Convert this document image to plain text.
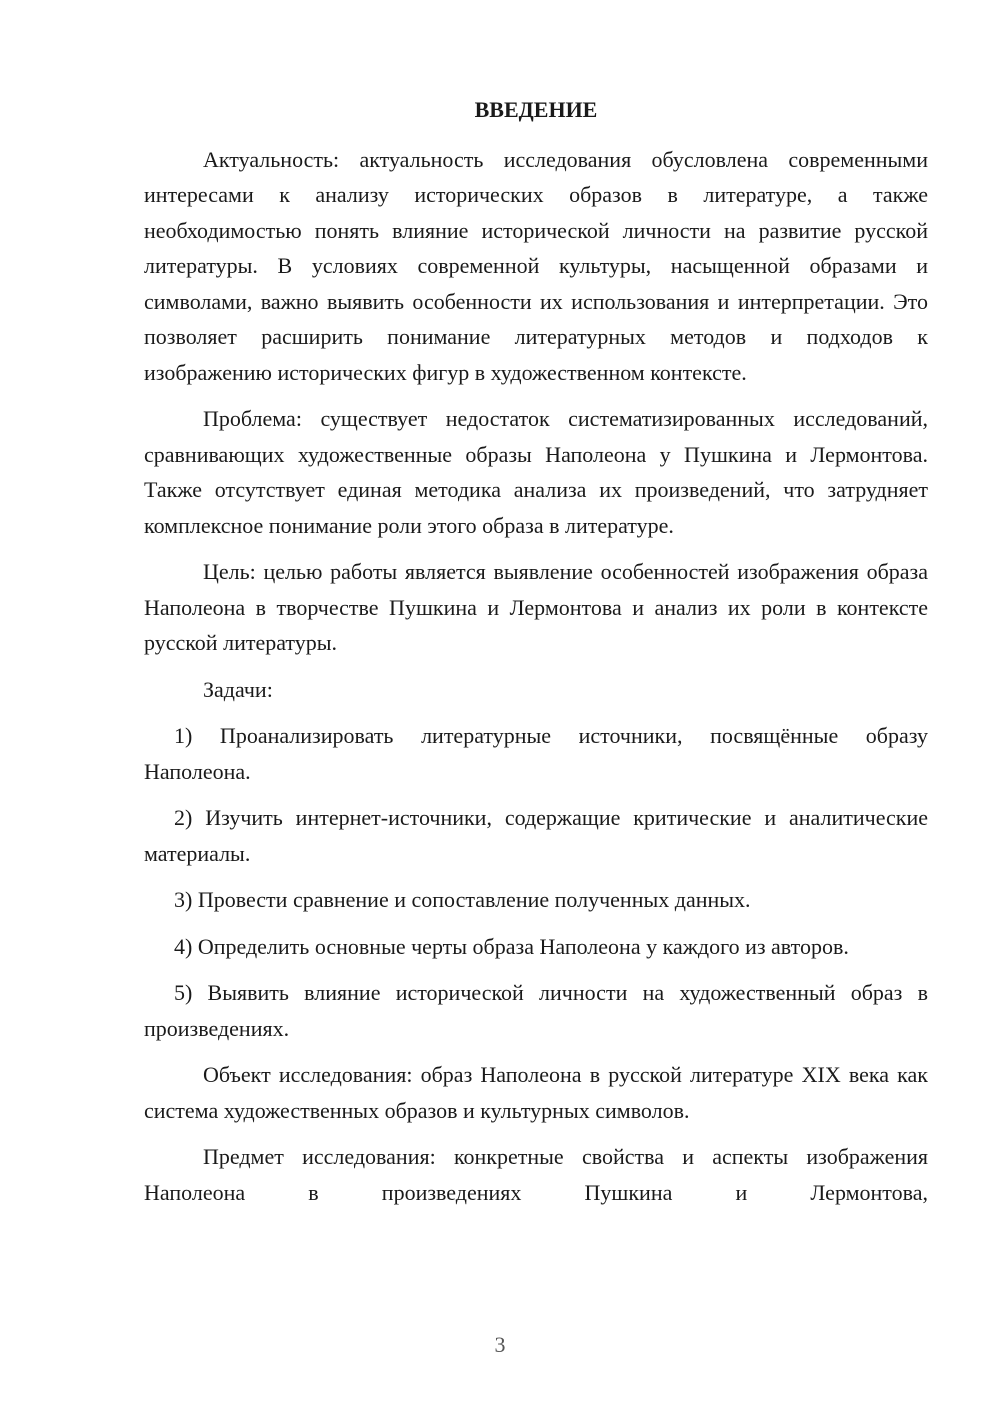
ВВЕДЕНИЕ

Актуальность: актуальность исследования обусловлена современными интересами к анализу исторических образов в литературе, а также необходимостью понять влияние исторической личности на развитие русской литературы. В условиях современной культуры, насыщенной образами и символами, важно выявить особенности их использования и интерпретации. Это позволяет расширить понимание литературных методов и подходов к изображению исторических фигур в художественном контексте.

Проблема: существует недостаток систематизированных исследований, сравнивающих художественные образы Наполеона у Пушкина и Лермонтова. Также отсутствует единая методика анализа их произведений, что затрудняет комплексное понимание роли этого образа в литературе.

Цель: целью работы является выявление особенностей изображения образа Наполеона в творчестве Пушкина и Лермонтова и анализ их роли в контексте русской литературы.

Задачи:

1) Проанализировать литературные источники, посвящённые образу Наполеона.

2) Изучить интернет-источники, содержащие критические и аналитические материалы.

3) Провести сравнение и сопоставление полученных данных.

4) Определить основные черты образа Наполеона у каждого из авторов.

5) Выявить влияние исторической личности на художественный образ в произведениях.

Объект исследования: образ Наполеона в русской литературе XIX века как система художественных образов и культурных символов.

Предмет исследования: конкретные свойства и аспекты изображения Наполеона в произведениях Пушкина и Лермонтова,

3
